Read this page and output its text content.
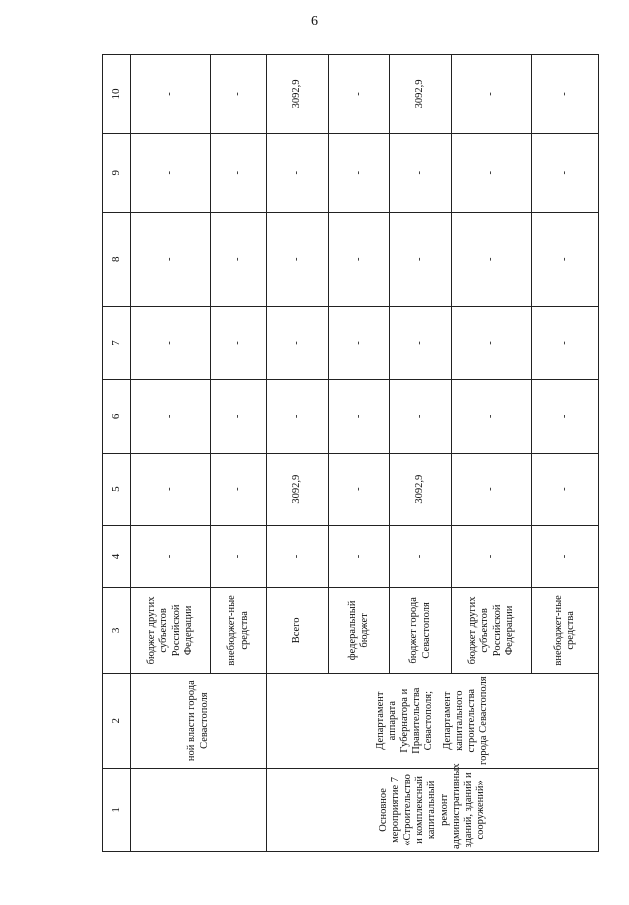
6
1	2	3	4	5	6	7	8	9	10
	ной власти города Севастополя	бюджет других субъектов Российской Федерации	-	-	-	-	-	-	-
		внебюджет-ные средства	-	-	-	-	-	-	-
Основное мероприятие 7 «Строительство и комплексный капитальный ремонт административных зданий, зданий и сооружений»	Департамент аппарата Губернатора и Правительства Севастополя; Департамент капитального строительства города Севастополя	Всего	-	3092,9	-	-	-	-	3092,9
		федеральный бюджет	-	-	-	-	-	-	-
		бюджет города Севастополя	-	3092,9	-	-	-	-	3092,9
		бюджет других субъектов Российской Федерации	-	-	-	-	-	-	-
		внебюджет-ные средства	-	-	-	-	-	-	-
